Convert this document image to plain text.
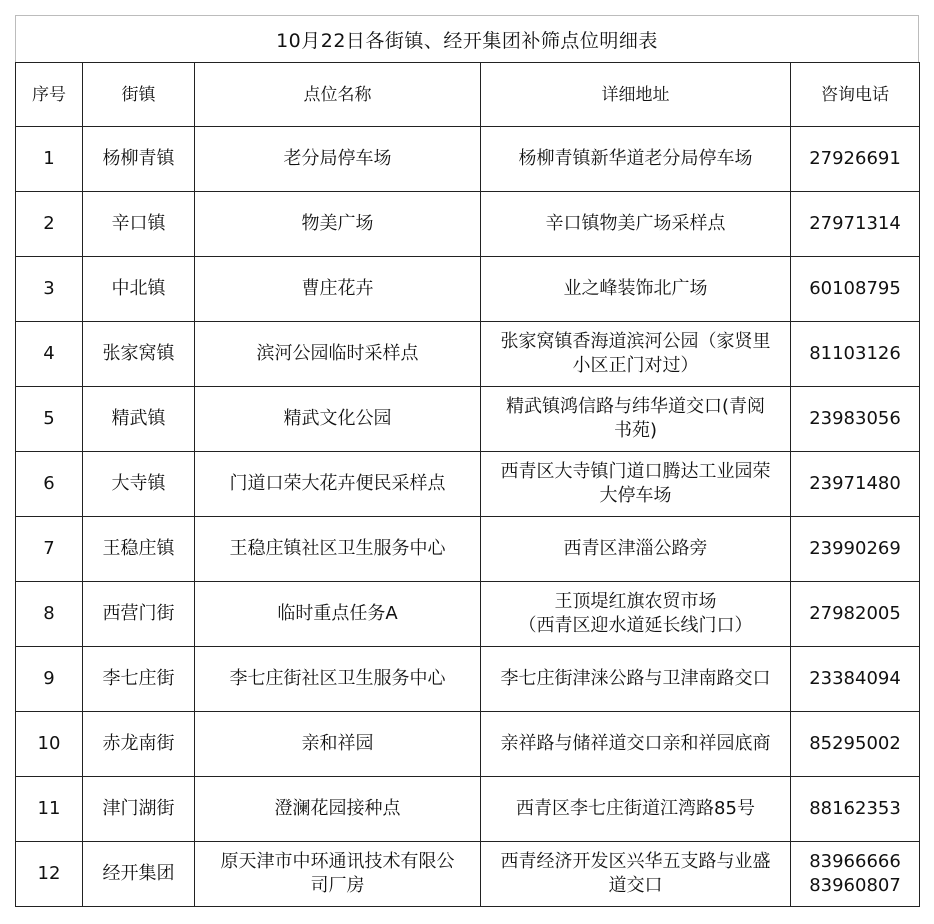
10月22日各街镇、经开集团补筛点位明细表
序号	街镇	点位名称	详细地址	咨询电话
1	杨柳青镇	老分局停车场	杨柳青镇新华道老分局停车场	27926691

2	辛口镇	物美广场	辛口镇物美广场采样点	27971314

3	中北镇	曹庄花卉	业之峰装饰北广场	60108795

4	张家窝镇	滨河公园临时采样点	张家窝镇香海道滨河公园（家贤里
小区正门对过）	81103126

5	精武镇	精武文化公园	精武镇鸿信路与纬华道交口(青阅
书苑)	23983056

6	大寺镇	门道口荣大花卉便民采样点	西青区大寺镇门道口腾达工业园荣
大停车场	23971480

7	王稳庄镇	王稳庄镇社区卫生服务中心	西青区津淄公路旁	23990269

8	西营门街	临时重点任务A	王顶堤红旗农贸市场
（西青区迎水道延长线门口）	27982005

9	李七庄街	李七庄街社区卫生服务中心	李七庄街津涞公路与卫津南路交口	23384094

10	赤龙南街	亲和祥园	亲祥路与储祥道交口亲和祥园底商	85295002

11	津门湖街	澄澜花园接种点	西青区李七庄街道江湾路85号	88162353

12	经开集团	原天津市中环通讯技术有限公
司厂房	西青经济开发区兴华五支路与业盛
道交口	83966666
83960807
